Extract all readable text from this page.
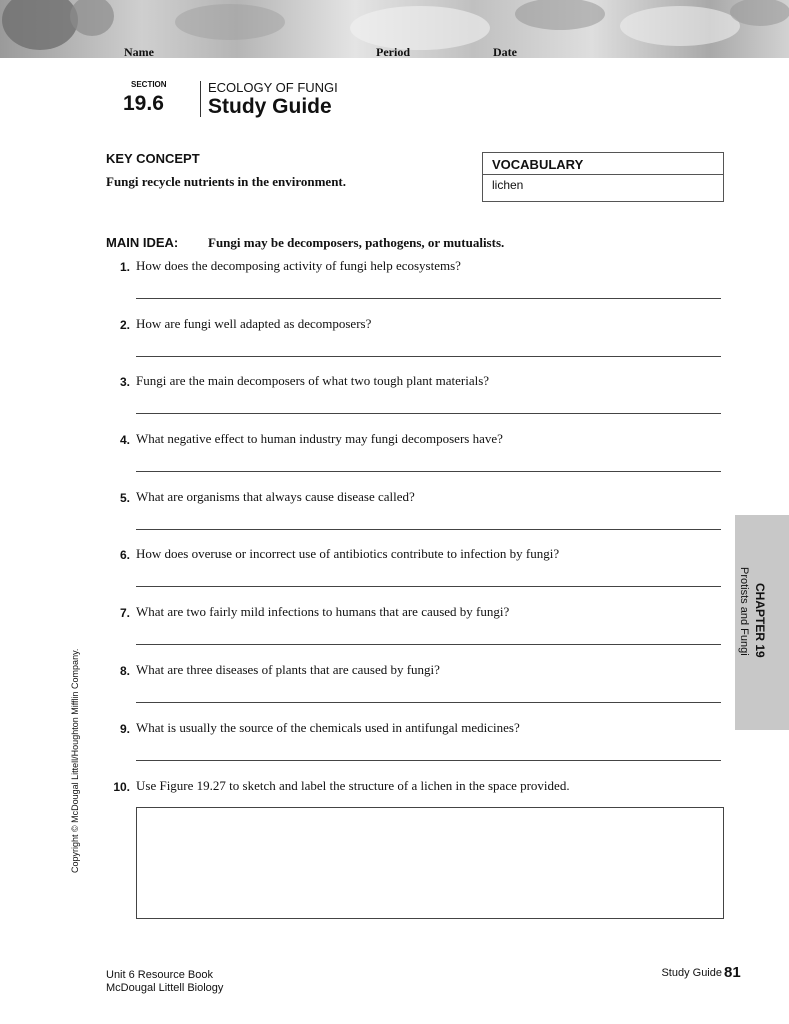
Name	Period	Date
SECTION
19.6
ECOLOGY OF FUNGI
Study Guide
KEY CONCEPT
Fungi recycle nutrients in the environment.
VOCABULARY
lichen
MAIN IDEA: Fungi may be decomposers, pathogens, or mutualists.
1. How does the decomposing activity of fungi help ecosystems?
2. How are fungi well adapted as decomposers?
3. Fungi are the main decomposers of what two tough plant materials?
4. What negative effect to human industry may fungi decomposers have?
5. What are organisms that always cause disease called?
6. How does overuse or incorrect use of antibiotics contribute to infection by fungi?
7. What are two fairly mild infections to humans that are caused by fungi?
8. What are three diseases of plants that are caused by fungi?
9. What is usually the source of the chemicals used in antifungal medicines?
10. Use Figure 19.27 to sketch and label the structure of a lichen in the space provided.
CHAPTER 19
Protists and Fungi
Copyright © McDougal Littell/Houghton Mifflin Company.
Unit 6 Resource Book
McDougal Littell Biology
Study Guide 81
